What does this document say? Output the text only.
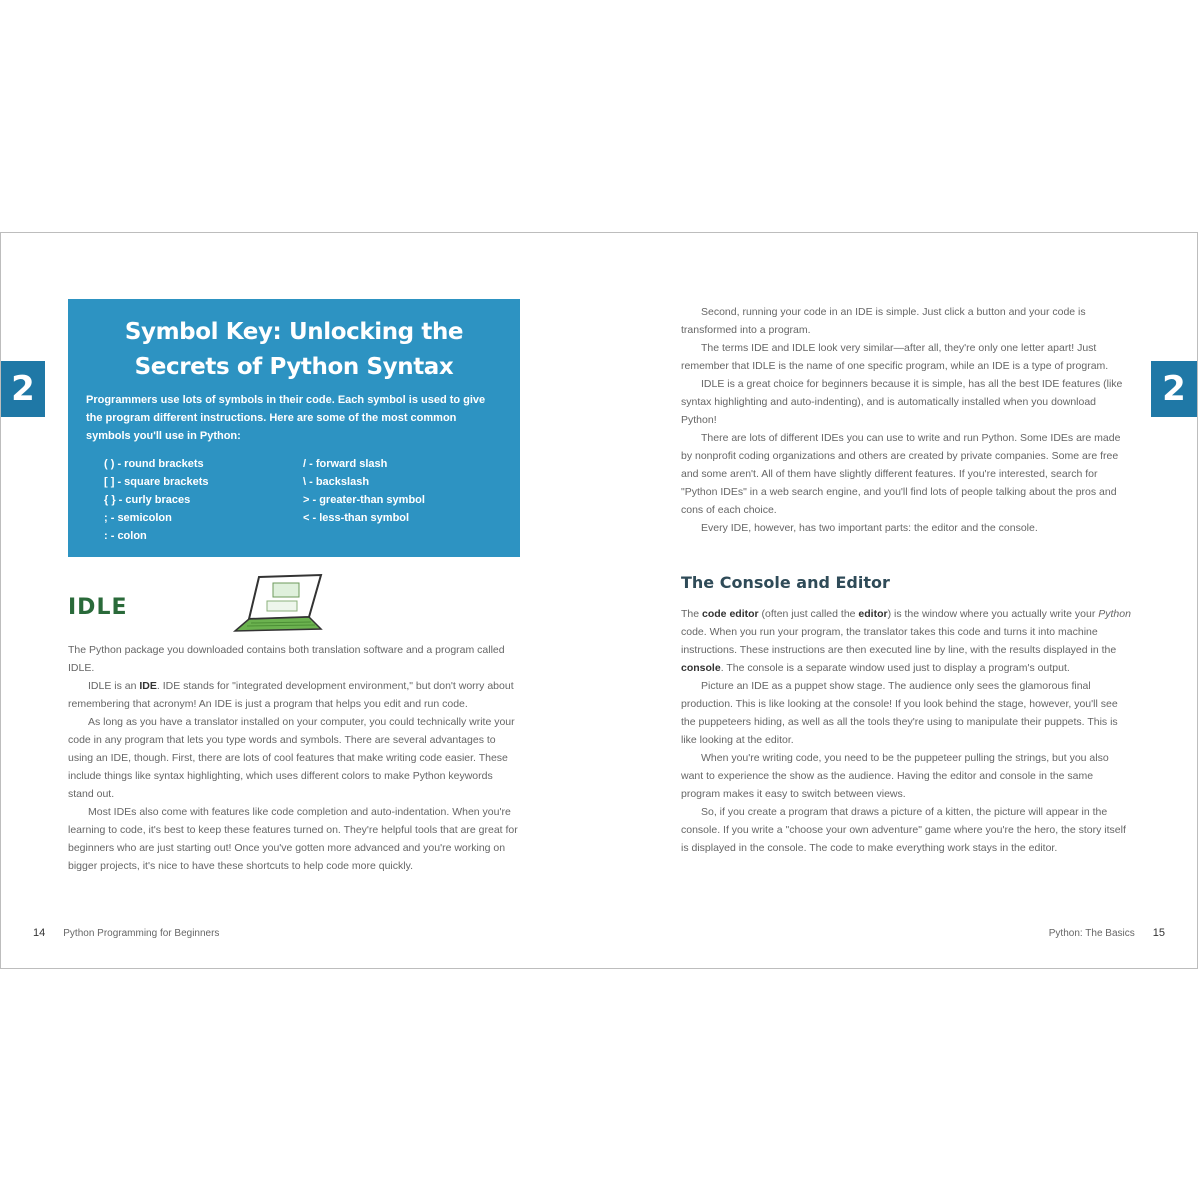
2	2
Symbol Key: Unlocking the Secrets of Python Syntax

Programmers use lots of symbols in their code. Each symbol is used to give the program different instructions. Here are some of the most common symbols you'll use in Python:

( ) - round brackets
[ ] - square brackets
{ } - curly braces
; - semicolon
: - colon
/ - forward slash
\ - backslash
> - greater-than symbol
< - less-than symbol
IDLE

The Python package you downloaded contains both translation software and a program called IDLE.

IDLE is an IDE. IDE stands for "integrated development environment," but don't worry about remembering that acronym! An IDE is just a program that helps you edit and run code.

As long as you have a translator installed on your computer, you could technically write your code in any program that lets you type words and symbols. There are several advantages to using an IDE, though. First, there are lots of cool features that make writing code easier. These include things like syntax highlighting, which uses different colors to make Python keywords stand out.

Most IDEs also come with features like code completion and auto-indentation. When you're learning to code, it's best to keep these features turned on. They're helpful tools that are great for beginners who are just starting out! Once you've gotten more advanced and you're working on bigger projects, it's nice to have these shortcuts to help code more quickly.

Second, running your code in an IDE is simple. Just click a button and your code is transformed into a program.

The terms IDE and IDLE look very similar—after all, they're only one letter apart! Just remember that IDLE is the name of one specific program, while an IDE is a type of program.

IDLE is a great choice for beginners because it is simple, has all the best IDE features (like syntax highlighting and auto-indenting), and is automatically installed when you download Python!

There are lots of different IDEs you can use to write and run Python. Some IDEs are made by nonprofit coding organizations and others are created by private companies. Some are free and some aren't. All of them have slightly different features. If you're interested, search for "Python IDEs" in a web search engine, and you'll find lots of people talking about the pros and cons of each choice.

Every IDE, however, has two important parts: the editor and the console.

The Console and Editor

The code editor (often just called the editor) is the window where you actually write your Python code. When you run your program, the translator takes this code and turns it into machine instructions. These instructions are then executed line by line, with the results displayed in the console. The console is a separate window used just to display a program's output.

Picture an IDE as a puppet show stage. The audience only sees the glamorous final production. This is like looking at the console! If you look behind the stage, however, you'll see the puppeteers hiding, as well as all the tools they're using to manipulate their puppets. This is like looking at the editor.

When you're writing code, you need to be the puppeteer pulling the strings, but you also want to experience the show as the audience. Having the editor and console in the same program makes it easy to switch between views.

So, if you create a program that draws a picture of a kitten, the picture will appear in the console. If you write a "choose your own adventure" game where you're the hero, the story itself is displayed in the console. The code to make everything work stays in the editor.

14 Python Programming for Beginners	Python: The Basics 15
